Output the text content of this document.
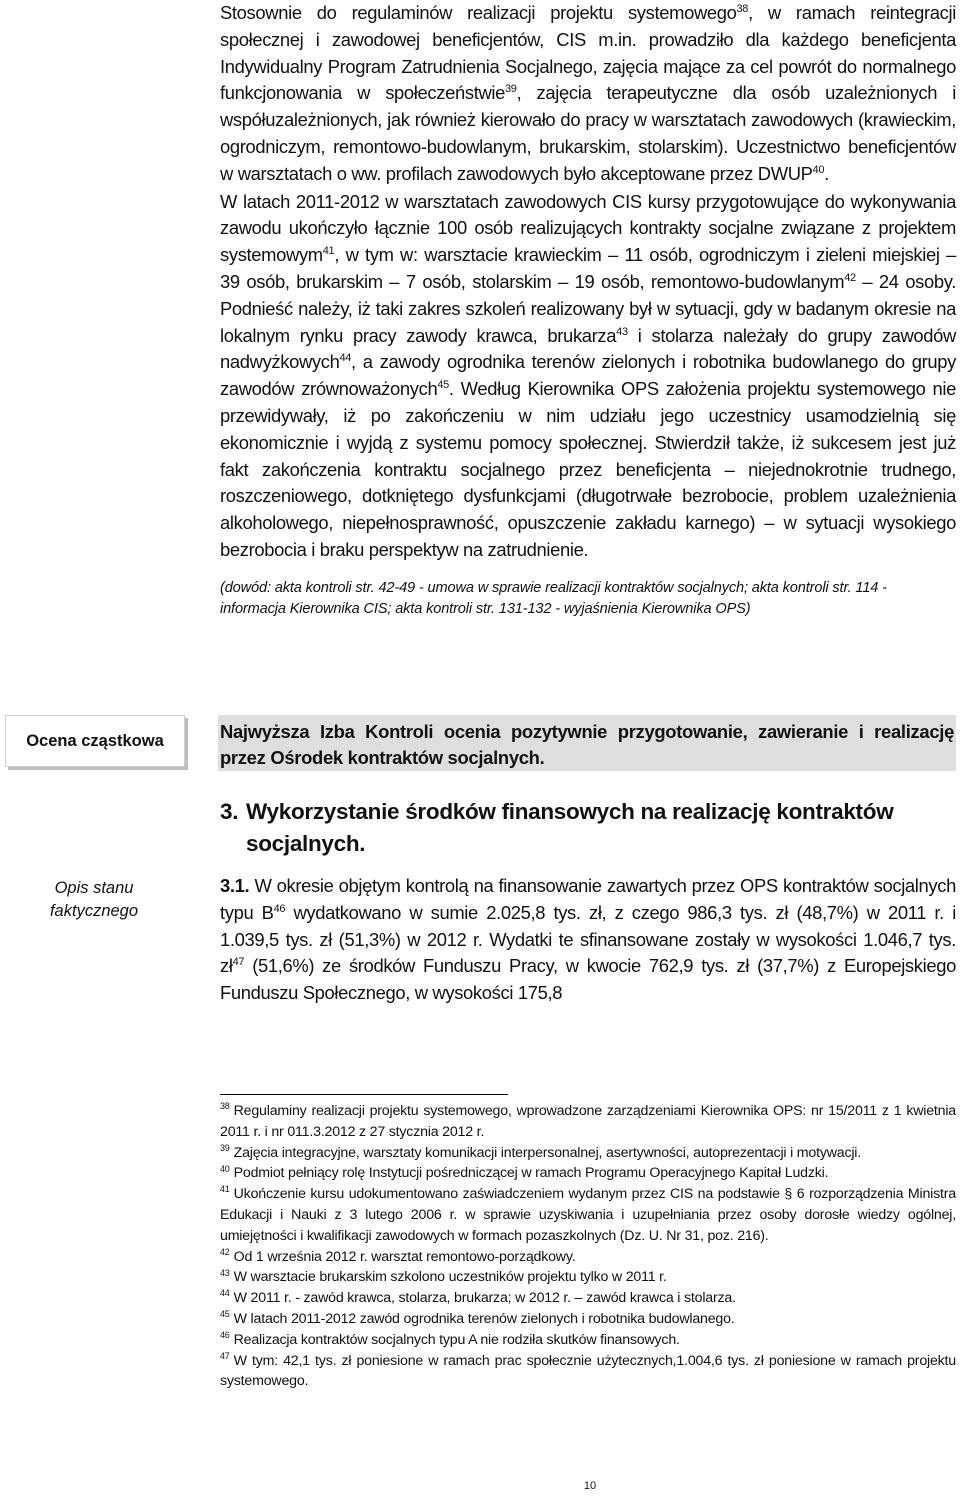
Stosownie do regulaminów realizacji projektu systemowego$^{38}$, w ramach reintegracji społecznej i zawodowej beneficjentów, CIS m.in. prowadziło dla każdego beneficjenta Indywidualny Program Zatrudnienia Socjalnego, zajęcia mające za cel powrót do normalnego funkcjonowania w społeczeństwie$^{39}$, zajęcia terapeutyczne dla osób uzależnionych i współuzależnionych, jak również kierowało do pracy w warsztatach zawodowych (krawieckim, ogrodniczym, remontowo-budowlanym, brukarskim, stolarskim). Uczestnictwo beneficjentów w warsztatach o ww. profilach zawodowych było akceptowane przez DWUP$^{40}$.

W latach 2011-2012 w warsztatach zawodowych CIS kursy przygotowujące do wykonywania zawodu ukończyło łącznie 100 osób realizujących kontrakty socjalne związane z projektem systemowym$^{41}$, w tym w: warsztacie krawieckim – 11 osób, ogrodniczym i zieleni miejskiej – 39 osób, brukarskim – 7 osób, stolarskim – 19 osób, remontowo-budowlanym$^{42}$ – 24 osoby. Podnieść należy, iż taki zakres szkoleń realizowany był w sytuacji, gdy w badanym okresie na lokalnym rynku pracy zawody krawca, brukarza$^{43}$ i stolarza należały do grupy zawodów nadwyżkowych$^{44}$, a zawody ogrodnika terenów zielonych i robotnika budowlanego do grupy zawodów zrównoważonych$^{45}$. Według Kierownika OPS założenia projektu systemowego nie przewidywały, iż po zakończeniu w nim udziału jego uczestnicy usamodzielnią się ekonomicznie i wyjdą z systemu pomocy społecznej. Stwierdził także, iż sukcesem jest już fakt zakończenia kontraktu socjalnego przez beneficjenta – niejednokrotnie trudnego, roszczeniowego, dotkniętego dysfunkcjami (długotrwałe bezrobocie, problem uzależnienia alkoholowego, niepełnosprawność, opuszczenie zakładu karnego) – w sytuacji wysokiego bezrobocia i braku perspektyw na zatrudnienie.

(dowód: akta kontroli str. 42-49 - umowa w sprawie realizacji kontraktów socjalnych; akta kontroli str. 114 - informacja Kierownika CIS; akta kontroli str. 131-132 - wyjaśnienia Kierownika OPS)

Ocena cząstkowa	Najwyższa Izba Kontroli ocenia pozytywnie przygotowanie, zawieranie i realizację przez Ośrodek kontraktów socjalnych.

3. Wykorzystanie środków finansowych na realizację kontraktów
socjalnych.
Opis stanu
faktycznego

3.1. W okresie objętym kontrolą na finansowanie zawartych przez OPS kontraktów socjalnych typu $B^{46}$ wydatkowano w sumie 2.025,8 tys. zł, z czego 986,3 tys. zł (48,7%) w 2011 r. i 1.039,5 tys. zł (51,3%) w 2012 r. Wydatki te sfinansowane zostały w wysokości 1.046,7 tys. $zł^{47}$ (51,6%) ze środków Funduszu Pracy, w kwocie 762,9 tys. zł (37,7%) z Europejskiego Funduszu Społecznego, w wysokości 175,8

$^{38}$ Regulaminy realizacji projektu systemowego, wprowadzone zarządzeniami Kierownika OPS: nr 15/2011 z 1 kwietnia 2011 r. i nr 011.3.2012 z 27 stycznia 2012 r.

$^{39}$ Zajęcia integracyjne, warsztaty komunikacji interpersonalnej, asertywności, autoprezentacji i motywacji.

$^{40}$ Podmiot pełniący rolę Instytucji pośredniczącej w ramach Programu Operacyjnego Kapitał Ludzki.

$^{41}$ Ukończenie kursu udokumentowano zaświadczeniem wydanym przez CIS na podstawie § 6 rozporządzenia Ministra Edukacji i Nauki z 3 lutego 2006 r. w sprawie uzyskiwania i uzupełniania przez osoby dorosłe wiedzy ogólnej, umiejętności i kwalifikacji zawodowych w formach pozaszkolnych (Dz. U. Nr 31, poz. 216).

$^{42}$ Od 1 września 2012 r. warsztat remontowo-porządkowy.

$^{43}$ W warsztacie brukarskim szkolono uczestników projektu tylko w 2011 r.

$^{44}$ W 2011 r. - zawód krawca, stolarza, brukarza; w 2012 r. – zawód krawca i stolarza.

$^{45}$ W latach 2011-2012 zawód ogrodnika terenów zielonych i robotnika budowlanego.

$^{46}$ Realizacja kontraktów socjalnych typu A nie rodziła skutków finansowych.

$^{47}$ W tym: 42,1 tys. zł poniesione w ramach prac społecznie użytecznych,1.004,6 tys. zł poniesione w ramach projektu systemowego.

10
